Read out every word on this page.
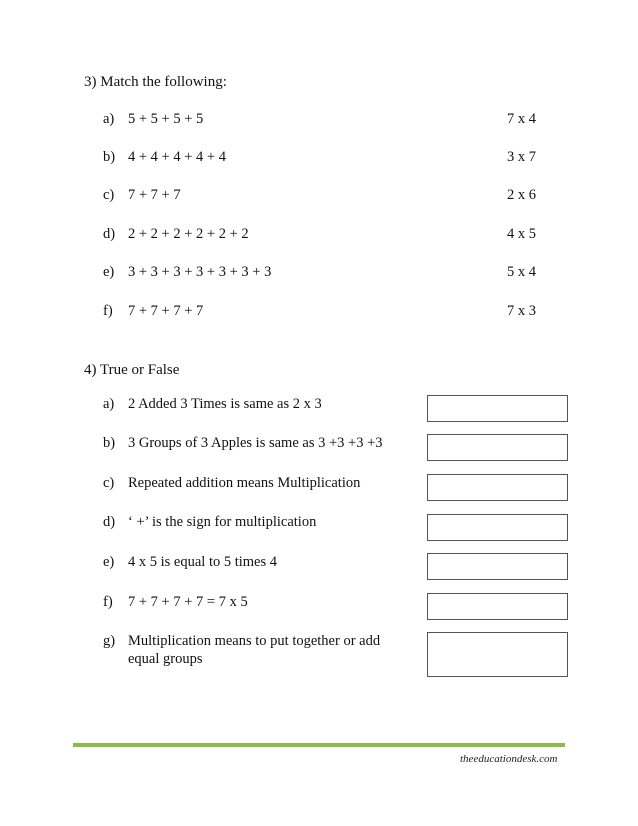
3) Match the following:
a) 5 + 5 + 5 + 5	7 x 4
b) 4 + 4 + 4 + 4 + 4	3 x 7
c) 7 + 7 + 7	2 x 6
d) 2 + 2 + 2 + 2 + 2 + 2	4 x 5
e) 3 + 3 + 3 + 3 + 3 + 3 + 3	5 x 4
f) 7 + 7 + 7 + 7	7 x 3
4) True or False
a) 2 Added 3 Times is same as 2 x 3
b) 3 Groups of 3 Apples is same as 3 +3 +3 +3
c) Repeated addition means Multiplication
d) ‘ +’ is the sign for multiplication
e) 4 x 5 is equal to 5 times 4
f) 7 + 7 + 7 + 7 = 7 x 5
g) Multiplication means to put together or add
equal groups
theeducationdesk.com
